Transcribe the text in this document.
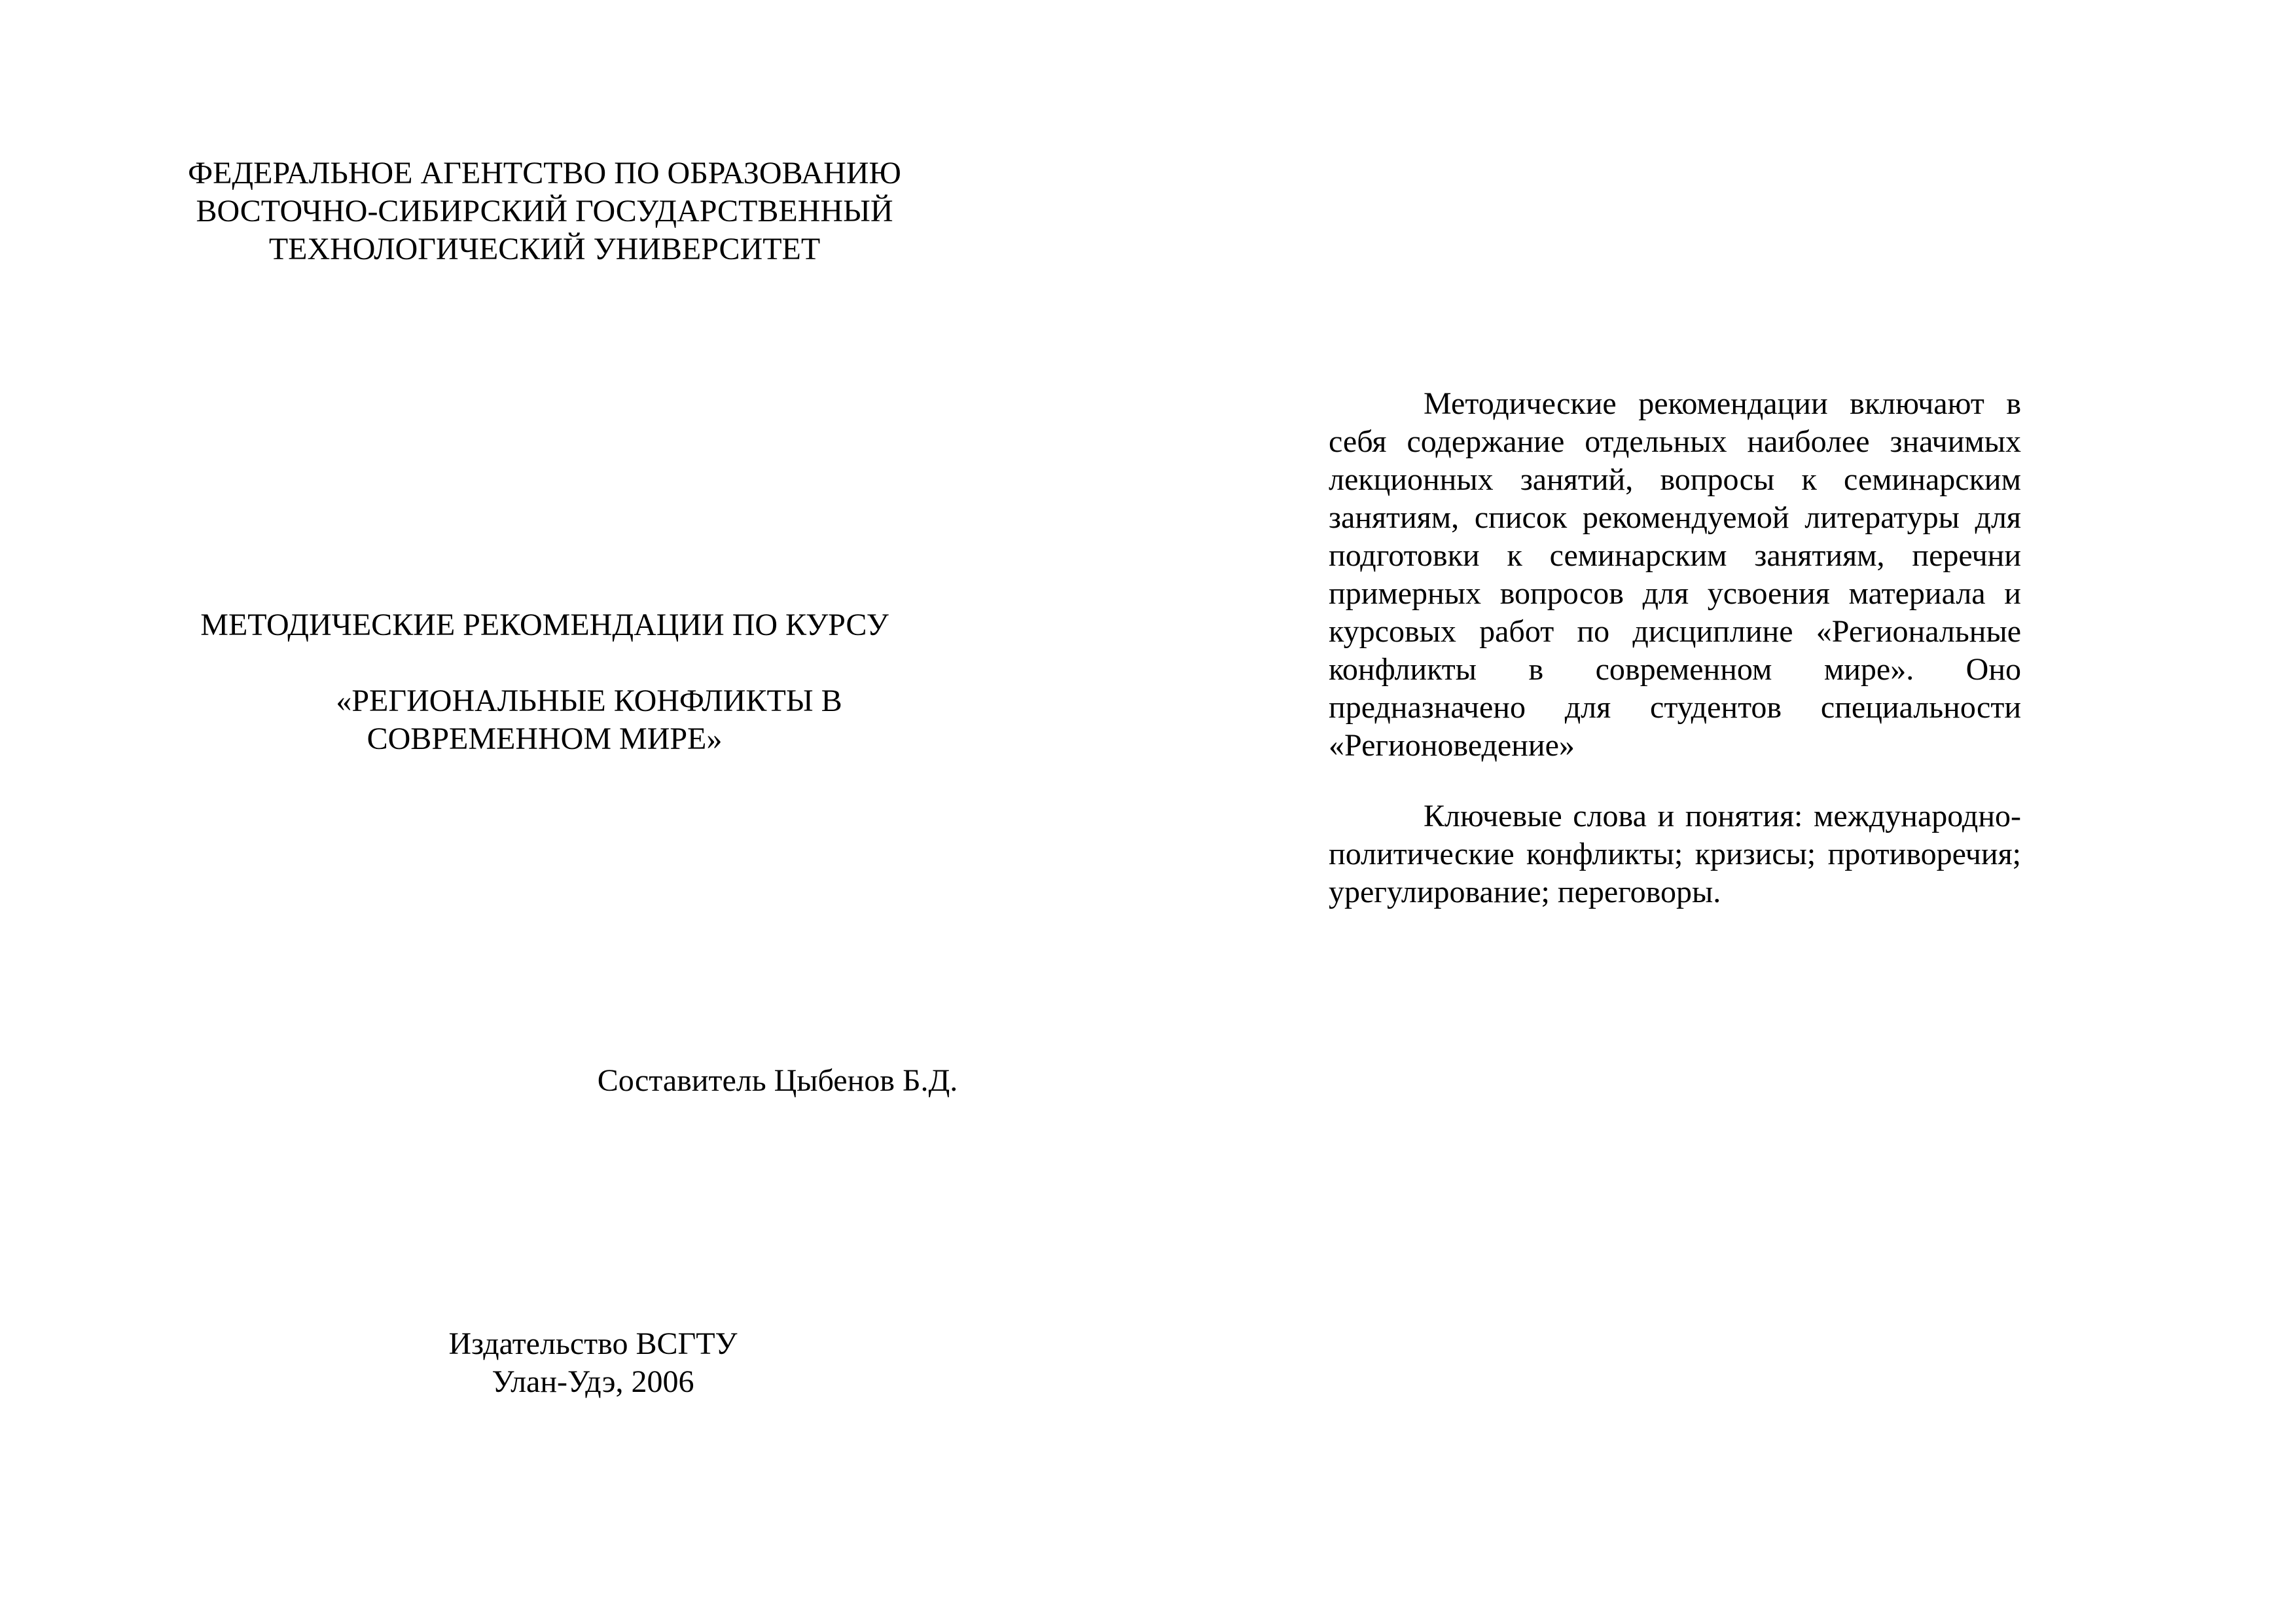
ФЕДЕРАЛЬНОЕ АГЕНТСТВО ПО ОБРАЗОВАНИЮ
ВОСТОЧНО-СИБИРСКИЙ ГОСУДАРСТВЕННЫЙ
ТЕХНОЛОГИЧЕСКИЙ УНИВЕРСИТЕТ
МЕТОДИЧЕСКИЕ РЕКОМЕНДАЦИИ ПО КУРСУ
«РЕГИОНАЛЬНЫЕ КОНФЛИКТЫ В
СОВРЕМЕННОМ МИРЕ»
Составитель Цыбенов Б.Д.
Издательство ВСГТУ
Улан-Удэ, 2006

Методические рекомендации включают в себя содержание отдельных наиболее значимых лекционных занятий, вопросы к семинарским занятиям, список рекомендуемой литературы для подготовки к семинарским занятиям, перечни примерных вопросов для усвоения материала и курсовых работ по дисциплине «Региональные конфликты в современном мире». Оно предназначено для студентов специальности «Регионоведение»

Ключевые слова и понятия: международно-политические конфликты; кризисы; противоречия; урегулирование; переговоры.
